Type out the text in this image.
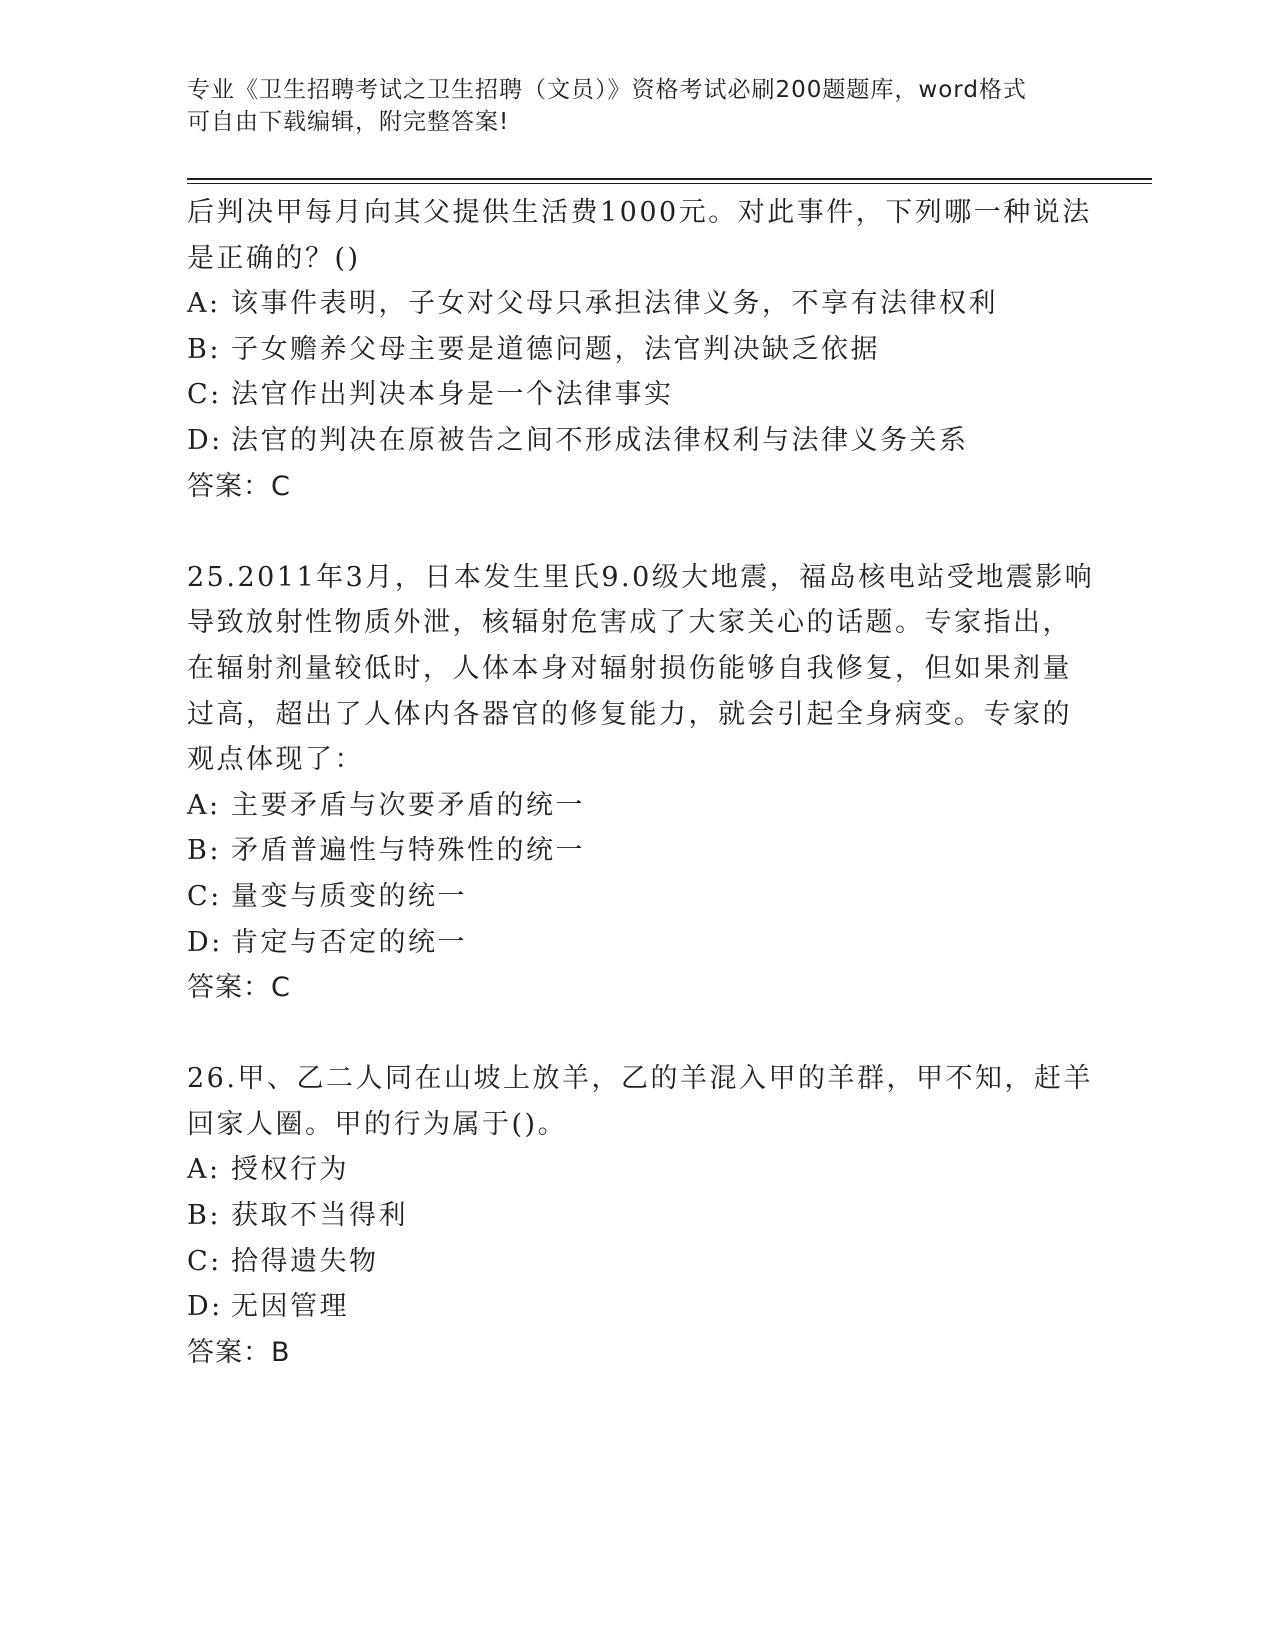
专业《卫生招聘考试之卫生招聘（文员）》资格考试必刷200题题库，word格式
可自由下载编辑，附完整答案!
后判决甲每月向其父提供生活费1000元。对此事件，下列哪一种说法
是正确的？()
A: 该事件表明，子女对父母只承担法律义务，不享有法律权利
B: 子女赡养父母主要是道德问题，法官判决缺乏依据
C: 法官作出判决本身是一个法律事实
D: 法官的判决在原被告之间不形成法律权利与法律义务关系
答案：C
25.2011年3月，日本发生里氏9.0级大地震，福岛核电站受地震影响
导致放射性物质外泄，核辐射危害成了大家关心的话题。专家指出，
在辐射剂量较低时，人体本身对辐射损伤能够自我修复，但如果剂量
过高，超出了人体内各器官的修复能力，就会引起全身病变。专家的
观点体现了：
A: 主要矛盾与次要矛盾的统一
B: 矛盾普遍性与特殊性的统一
C: 量变与质变的统一
D: 肯定与否定的统一
答案：C
26.甲、乙二人同在山坡上放羊，乙的羊混入甲的羊群，甲不知，赶羊
回家人圈。甲的行为属于()。
A: 授权行为
B: 获取不当得利
C: 拾得遗失物
D: 无因管理
答案：B
